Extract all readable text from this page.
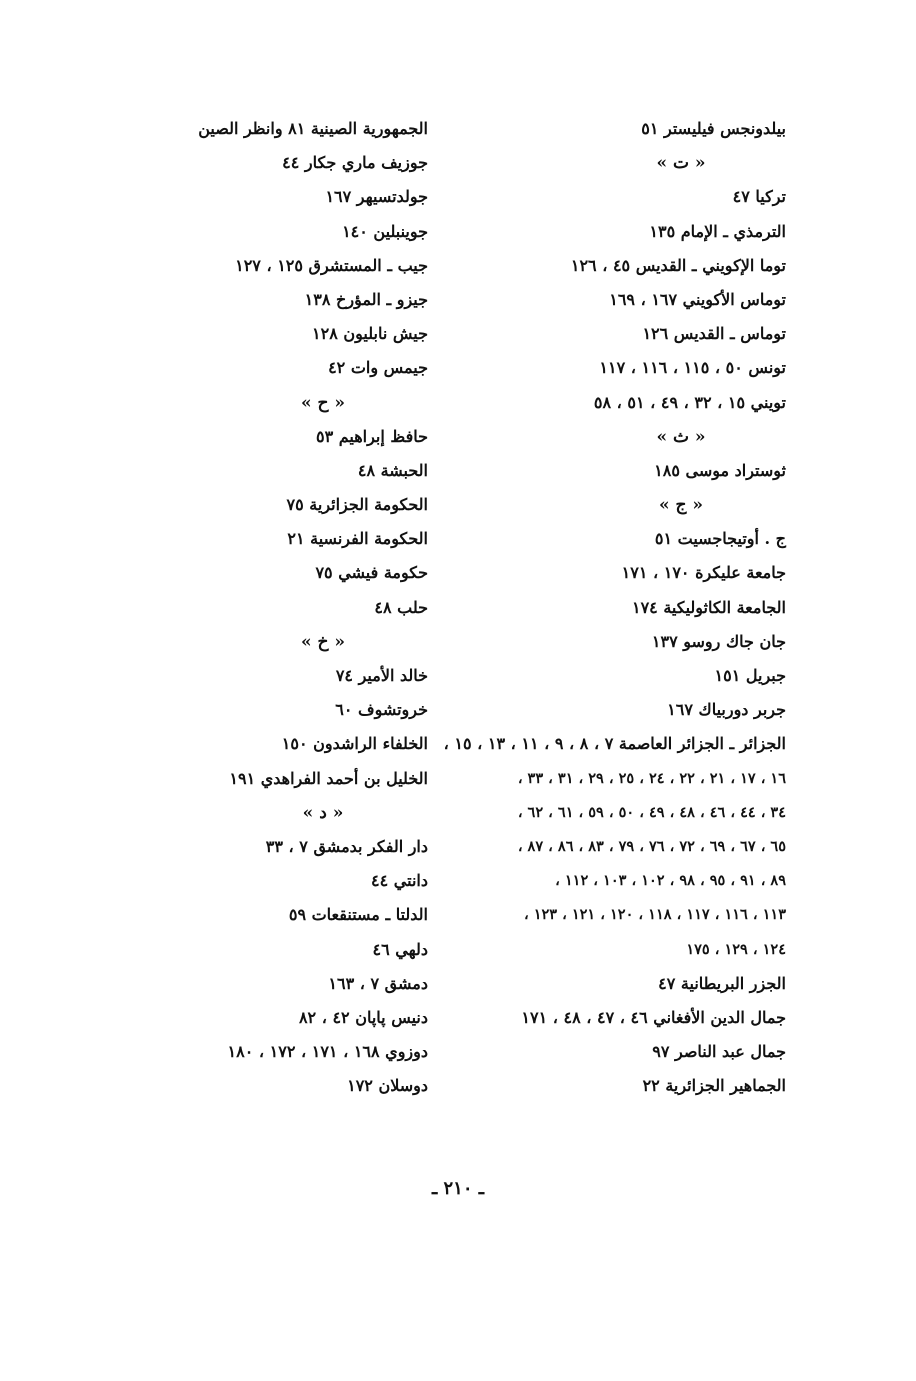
بيلدونجس فيليستر ٥١
« ت »
تركيا ٤٧
الترمذي ـ الإمام ١٣٥
توما الإكويني ـ القديس ٤٥ ، ١٢٦
توماس الأكويني ١٦٧ ، ١٦٩
توماس ـ القديس ١٢٦
تونس ٥٠ ، ١١٥ ، ١١٦ ، ١١٧
تويني ١٥ ، ٣٢ ، ٤٩ ، ٥١ ، ٥٨
« ث »
ثوستراد موسى ١٨٥
« ج »
ج . أوتيجاجسيت ٥١
جامعة عليكرة ١٧٠ ، ١٧١
الجامعة الكاثوليكية ١٧٤
جان جاك روسو ١٣٧
جبريل ١٥١
جربر دوربياك ١٦٧
الجزائر ـ الجزائر العاصمة ٧ ، ٨ ، ٩ ، ١١ ، ١٣ ، ١٥ ،
١٦ ، ١٧ ، ٢١ ، ٢٢ ، ٢٤ ، ٢٥ ، ٢٩ ، ٣١ ، ٣٣ ،
٣٤ ، ٤٤ ، ٤٦ ، ٤٨ ، ٤٩ ، ٥٠ ، ٥٩ ، ٦١ ، ٦٢ ،
٦٥ ، ٦٧ ، ٦٩ ، ٧٢ ، ٧٦ ، ٧٩ ، ٨٣ ، ٨٦ ، ٨٧ ،
٨٩ ، ٩١ ، ٩٥ ، ٩٨ ، ١٠٢ ، ١٠٣ ، ١١٢ ،
١١٣ ، ١١٦ ، ١١٧ ، ١١٨ ، ١٢٠ ، ١٢١ ، ١٢٣ ،
١٢٤ ، ١٢٩ ، ١٧٥
الجزر البريطانية ٤٧
جمال الدين الأفغاني ٤٦ ، ٤٧ ، ٤٨ ، ١٧١
جمال عبد الناصر ٩٧
الجماهير الجزائرية ٢٢
الجمهورية الصينية ٨١ وانظر الصين
جوزيف ماري جكار ٤٤
جولدتسيهر ١٦٧
جوينبلين ١٤٠
جيب ـ المستشرق ١٢٥ ، ١٢٧
جيزو ـ المؤرخ ١٣٨
جيش نابليون ١٢٨
جيمس وات ٤٢
« ح »
حافظ إبراهيم ٥٣
الحبشة ٤٨
الحكومة الجزائرية ٧٥
الحكومة الفرنسية ٢١
حكومة فيشي ٧٥
حلب ٤٨
« خ »
خالد الأمير ٧٤
خروتشوف ٦٠
الخلفاء الراشدون ١٥٠
الخليل بن أحمد الفراهدي ١٩١
« د »
دار الفكر بدمشق ٧ ، ٣٣
دانتي ٤٤
الدلتا ـ مستنقعات ٥٩
دلهي ٤٦
دمشق ٧ ، ١٦٣
دنيس پاپان ٤٢ ، ٨٢
دوزوي ١٦٨ ، ١٧١ ، ١٧٢ ، ١٨٠
دوسلان ١٧٢
ـ ٢١٠ ـ
